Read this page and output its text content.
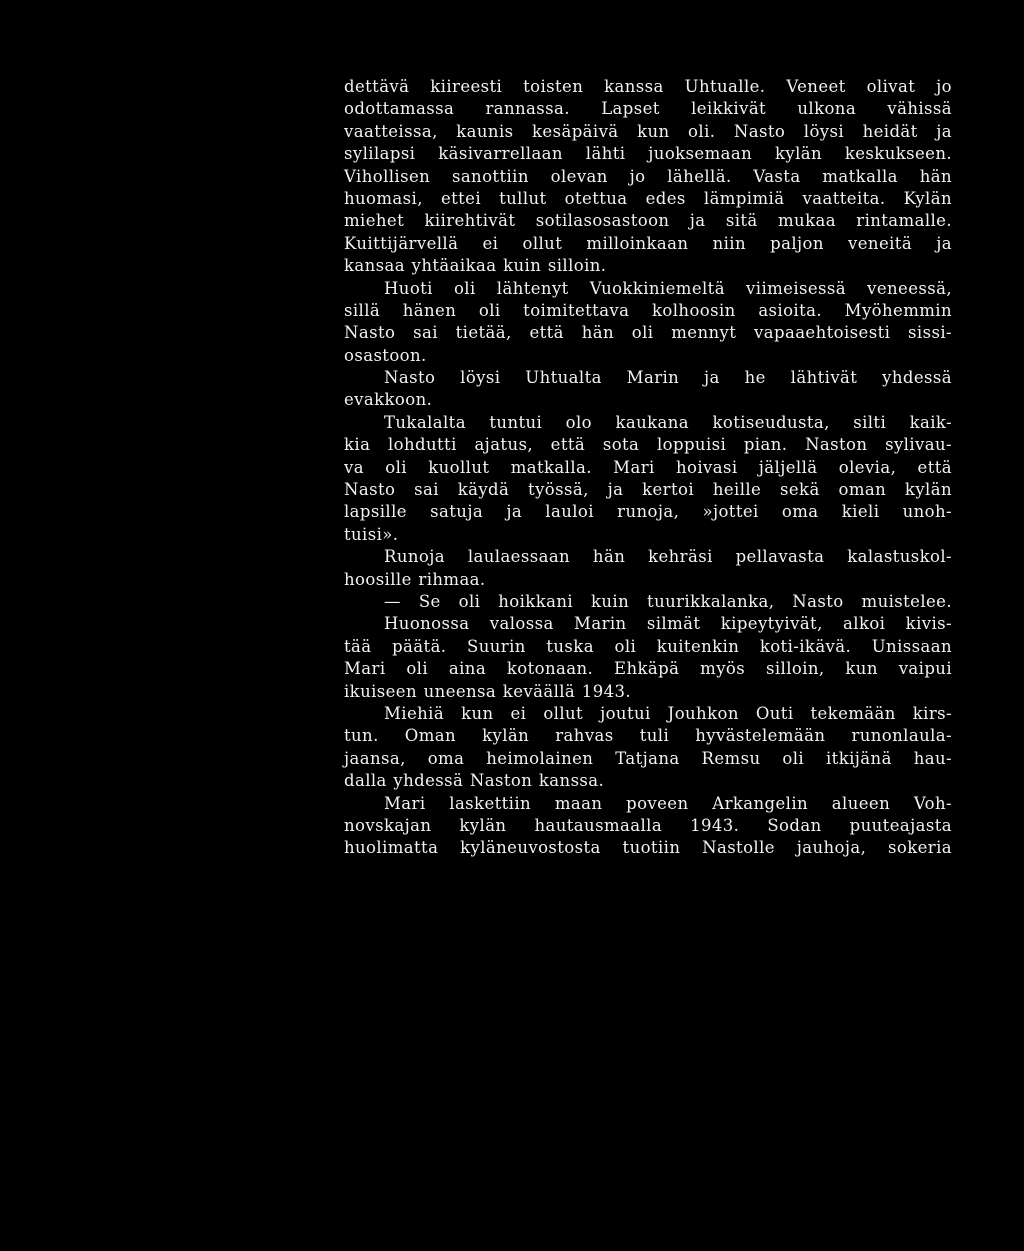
dettävä kiireesti toisten kanssa Uhtualle. Veneet olivat jo
odottamassa rannassa. Lapset leikkivät ulkona vähissä
vaatteissa, kaunis kesäpäivä kun oli. Nasto löysi heidät ja
sylilapsi käsivarrellaan lähti juoksemaan kylän keskukseen.
Vihollisen sanottiin olevan jo lähellä. Vasta matkalla hän
huomasi, ettei tullut otettua edes lämpimiä vaatteita. Kylän
miehet kiirehtivät sotilasosastoon ja sitä mukaa rintamalle.
Kuittijärvellä ei ollut milloinkaan niin paljon veneitä ja
kansaa yhtäaikaa kuin silloin.
Huoti oli lähtenyt Vuokkiniemeltä viimeisessä veneessä,
sillä hänen oli toimitettava kolhoosin asioita. Myöhemmin
Nasto sai tietää, että hän oli mennyt vapaaehtoisesti sissi-
osastoon.
Nasto löysi Uhtualta Marin ja he lähtivät yhdessä
evakkoon.
Tukalalta tuntui olo kaukana kotiseudusta, silti kaik-
kia lohdutti ajatus, että sota loppuisi pian. Naston sylivau-
va oli kuollut matkalla. Mari hoivasi jäljellä olevia, että
Nasto sai käydä työssä, ja kertoi heille sekä oman kylän
lapsille satuja ja lauloi runoja, »jottei oma kieli unoh-
tuisi».
Runoja laulaessaan hän kehräsi pellavasta kalastuskol-
hoosille rihmaa.
— Se oli hoikkani kuin tuurikkalanka, Nasto muistelee.
Huonossa valossa Marin silmät kipeytyivät, alkoi kivis-
tää päätä. Suurin tuska oli kuitenkin koti-ikävä. Unissaan
Mari oli aina kotonaan. Ehkäpä myös silloin, kun vaipui
ikuiseen uneensa keväällä 1943.
Miehiä kun ei ollut joutui Jouhkon Outi tekemään kirs-
tun. Oman kylän rahvas tuli hyvästelemään runonlaula-
jaansa, oma heimolainen Tatjana Remsu oli itkijänä hau-
dalla yhdessä Naston kanssa.
Mari laskettiin maan poveen Arkangelin alueen Voh-
novskajan kylän hautausmaalla 1943. Sodan puuteajasta
huolimatta kyläneuvostosta tuotiin Nastolle jauhoja, sokeria
